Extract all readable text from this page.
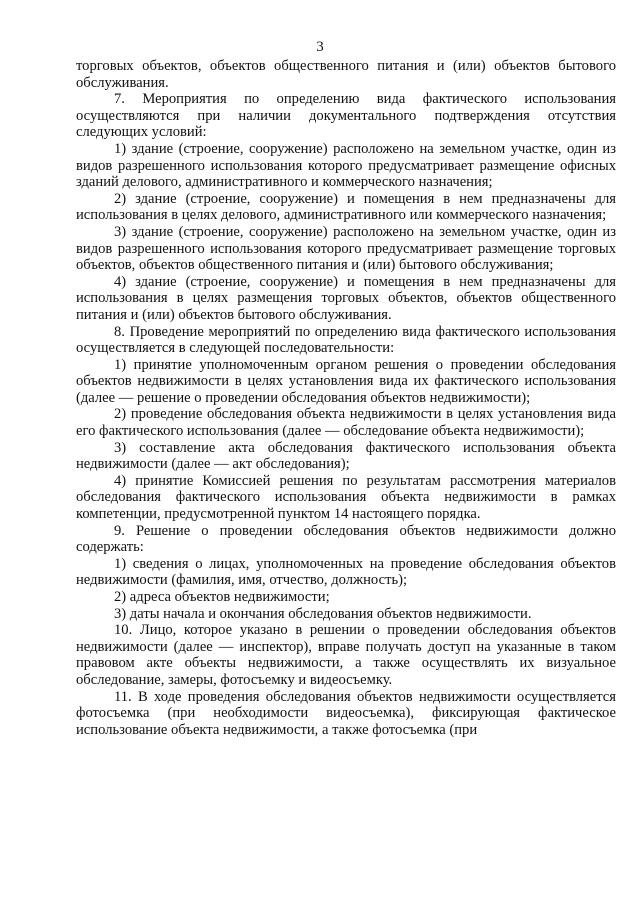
3

торговых объектов, объектов общественного питания и (или) объектов бытового обслуживания.

7. Мероприятия по определению вида фактического использования осуществляются при наличии документального подтверждения отсутствия следующих условий:

1) здание (строение, сооружение) расположено на земельном участке, один из видов разрешенного использования которого предусматривает размещение офисных зданий делового, административного и коммерческого назначения;

2) здание (строение, сооружение) и помещения в нем предназначены для использования в целях делового, административного или коммерческого назначения;

3) здание (строение, сооружение) расположено на земельном участке, один из видов разрешенного использования которого предусматривает размещение торговых объектов, объектов общественного питания и (или) бытового обслуживания;

4) здание (строение, сооружение) и помещения в нем предназначены для использования в целях размещения торговых объектов, объектов общественного питания и (или) объектов бытового обслуживания.

8. Проведение мероприятий по определению вида фактического использования осуществляется в следующей последовательности:

1) принятие уполномоченным органом решения о проведении обследования объектов недвижимости в целях установления вида их фактического использования (далее — решение о проведении обследования объектов недвижимости);

2) проведение обследования объекта недвижимости в целях установления вида его фактического использования (далее — обследование объекта недвижимости);

3) составление акта обследования фактического использования объекта недвижимости (далее — акт обследования);

4) принятие Комиссией решения по результатам рассмотрения материалов обследования фактического использования объекта недвижимости в рамках компетенции, предусмотренной пунктом 14 настоящего порядка.

9. Решение о проведении обследования объектов недвижимости должно содержать:

1) сведения о лицах, уполномоченных на проведение обследования объектов недвижимости (фамилия, имя, отчество, должность);

2) адреса объектов недвижимости;

3) даты начала и окончания обследования объектов недвижимости.

10. Лицо, которое указано в решении о проведении обследования объектов недвижимости (далее — инспектор), вправе получать доступ на указанные в таком правовом акте объекты недвижимости, а также осуществлять их визуальное обследование, замеры, фотосъемку и видеосъемку.

11. В ходе проведения обследования объектов недвижимости осуществляется фотосъемка (при необходимости видеосъемка), фиксирующая фактическое использование объекта недвижимости, а также фотосъемка (при
